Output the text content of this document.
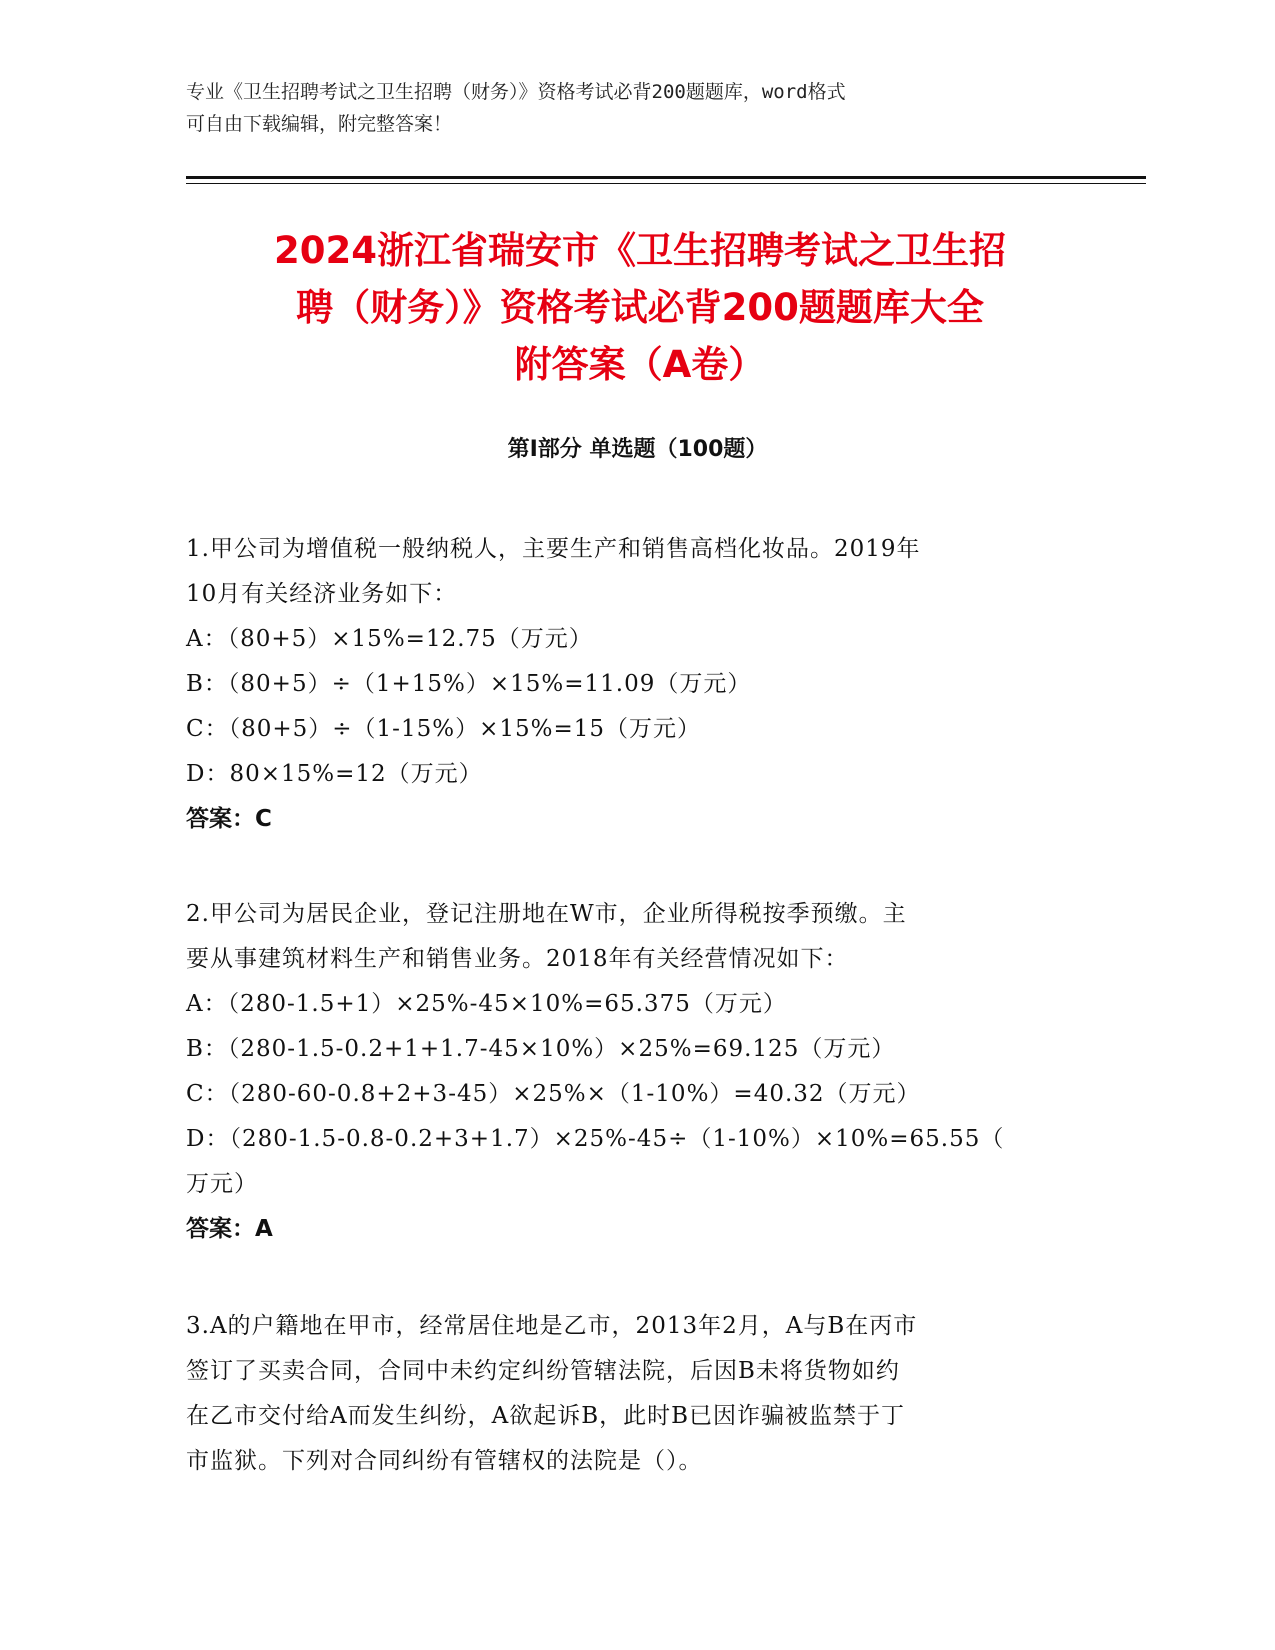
专业《卫生招聘考试之卫生招聘（财务）》资格考试必背200题题库，word格式
可自由下载编辑，附完整答案！
2024浙江省瑞安市《卫生招聘考试之卫生招
聘（财务）》资格考试必背200题题库大全
附答案（A卷）
第I部分 单选题（100题）
1.甲公司为增值税一般纳税人，主要生产和销售高档化妆品。2019年
10月有关经济业务如下：
A：（80+5）×15%=12.75（万元）
B：（80+5）÷（1+15%）×15%=11.09（万元）
C：（80+5）÷（1-15%）×15%=15（万元）
D：80×15%=12（万元）
答案：C
2.甲公司为居民企业，登记注册地在W市，企业所得税按季预缴。主
要从事建筑材料生产和销售业务。2018年有关经营情况如下：
A：（280-1.5+1）×25%-45×10%=65.375（万元）
B：（280-1.5-0.2+1+1.7-45×10%）×25%=69.125（万元）
C：（280-60-0.8+2+3-45）×25%×（1-10%）=40.32（万元）
D：（280-1.5-0.8-0.2+3+1.7）×25%-45÷（1-10%）×10%=65.55（
万元）
答案：A
3.A的户籍地在甲市，经常居住地是乙市，2013年2月，A与B在丙市
签订了买卖合同，合同中未约定纠纷管辖法院，后因B未将货物如约
在乙市交付给A而发生纠纷，A欲起诉B，此时B已因诈骗被监禁于丁
市监狱。下列对合同纠纷有管辖权的法院是（）。
